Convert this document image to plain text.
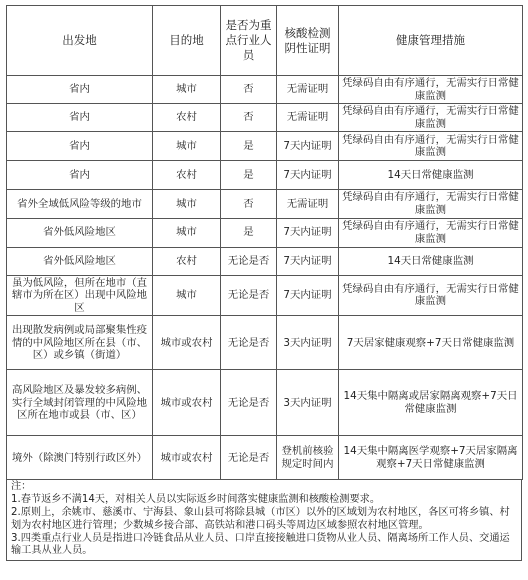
出发地	目的地	是否为重点行业人员	核酸检测阴性证明	健康管理措施
省内	城市	否	无需证明	凭绿码自由有序通行，无需实行日常健康监测
省内	农村	否	无需证明	凭绿码自由有序通行，无需实行日常健康监测
省内	城市	是	7天内证明	凭绿码自由有序通行，无需实行日常健康监测
省内	农村	是	7天内证明	14天日常健康监测
省外全域低风险等级的地市	城市	否	无需证明	凭绿码自由有序通行，无需实行日常健康监测
省外低风险地区	城市	是	7天内证明	凭绿码自由有序通行，无需实行日常健康监测
省外低风险地区	农村	无论是否	7天内证明	14天日常健康监测
虽为低风险，但所在地市（直辖市为所在区）出现中风险地区	城市	无论是否	7天内证明	凭绿码自由有序通行，无需实行日常健康监测
出现散发病例或局部聚集性疫情的中风险地区所在县（市、区）或乡镇（街道）	城市或农村	无论是否	3天内证明	7天居家健康观察+7天日常健康监测
高风险地区及暴发较多病例、实行全域封闭管理的中风险地区所在地市或县（市、区）	城市或农村	无论是否	3天内证明	14天集中隔离或居家隔离观察+7天日常健康监测
境外（除澳门特别行政区外）	城市或农村	无论是否	登机前核验规定时间内	14天集中隔离医学观察+7天居家隔离观察+7天日常健康监测
注：
1.春节返乡不满14天，对相关人员以实际返乡时间落实健康监测和核酸检测要求。
2.原则上，余姚市、慈溪市、宁海县、象山县可将除县城（市区）以外的区域划为农村地区，各区可将乡镇、村划为农村地区进行管理；少数城乡接合部、高铁站和港口码头等周边区域参照农村地区管理。
3.四类重点行业人员是指进口冷链食品从业人员、口岸直接接触进口货物从业人员、隔离场所工作人员、交通运输工具从业人员。
